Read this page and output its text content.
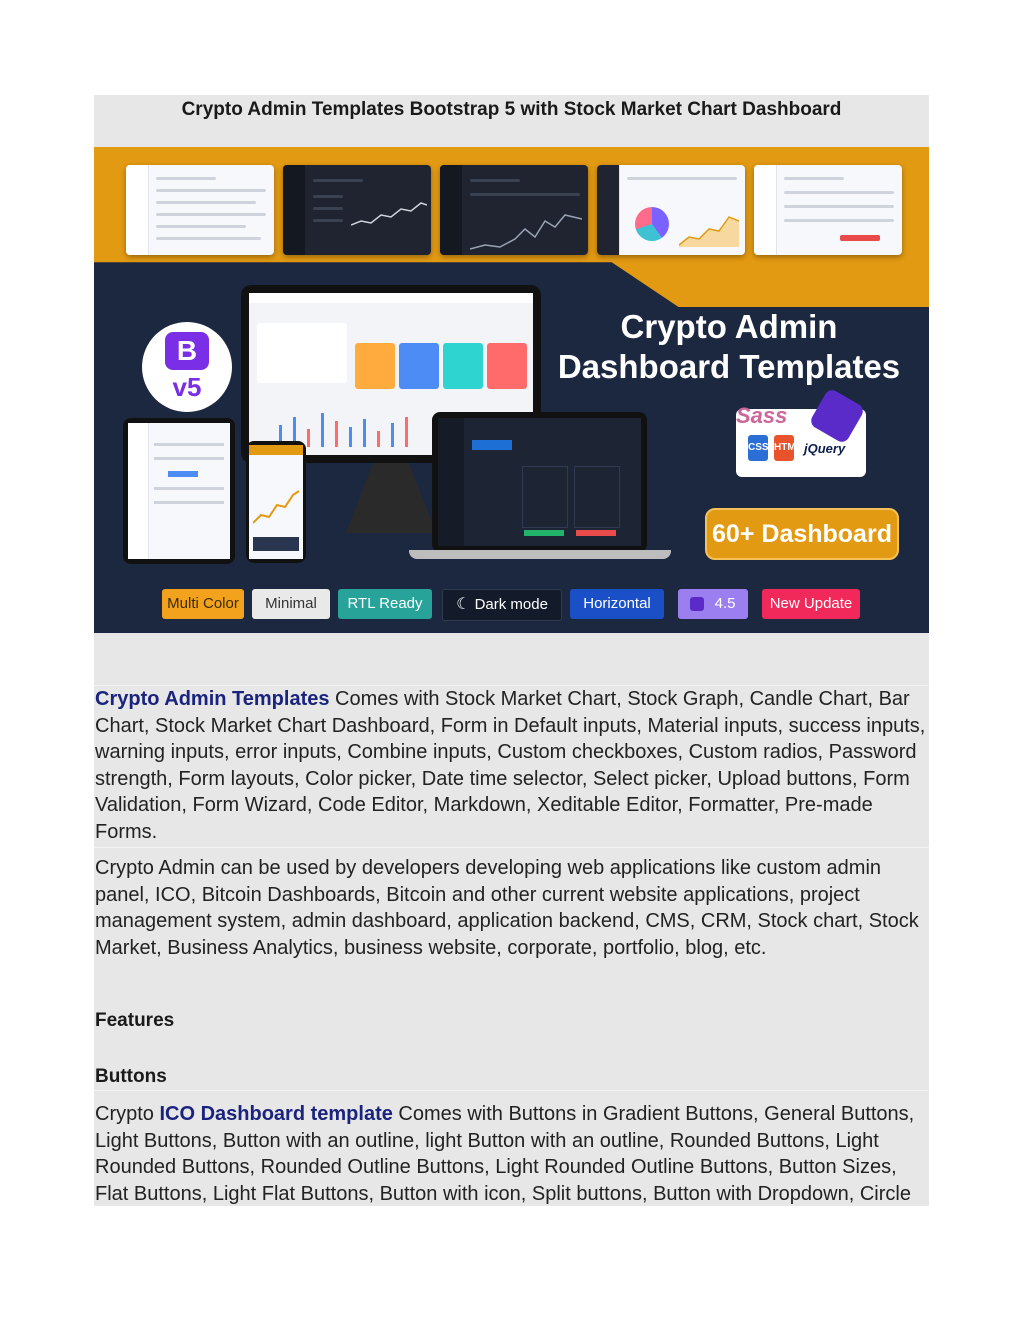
Crypto Admin Templates Bootstrap 5 with Stock Market Chart Dashboard
B
v5
Crypto Admin
Dashboard Templates
Sass
CSS HTML jQuery
60+ Dashboard
Multi Color	Minimal	RTL Ready	☾ Dark mode	Horizontal	4.5	New Update
Crypto Admin Templates Comes with Stock Market Chart, Stock Graph, Candle Chart, Bar Chart, Stock Market Chart Dashboard, Form in Default inputs, Material inputs, success inputs, warning inputs, error inputs, Combine inputs, Custom checkboxes, Custom radios, Password strength, Form layouts, Color picker, Date time selector, Select picker, Upload buttons, Form Validation, Form Wizard, Code Editor, Markdown, Xeditable Editor, Formatter, Pre-made Forms.
Crypto Admin can be used by developers developing web applications like custom admin panel, ICO, Bitcoin Dashboards, Bitcoin and other current website applications, project management system, admin dashboard, application backend, CMS, CRM, Stock chart, Stock Market, Business Analytics, business website, corporate, portfolio, blog, etc.
Features
Buttons
Crypto ICO Dashboard template Comes with Buttons in Gradient Buttons, General Buttons, Light Buttons, Button with an outline, light Button with an outline, Rounded Buttons, Light Rounded Buttons, Rounded Outline Buttons, Light Rounded Outline Buttons, Button Sizes, Flat Buttons, Light Flat Buttons, Button with icon, Split buttons, Button with Dropdown, Circle
